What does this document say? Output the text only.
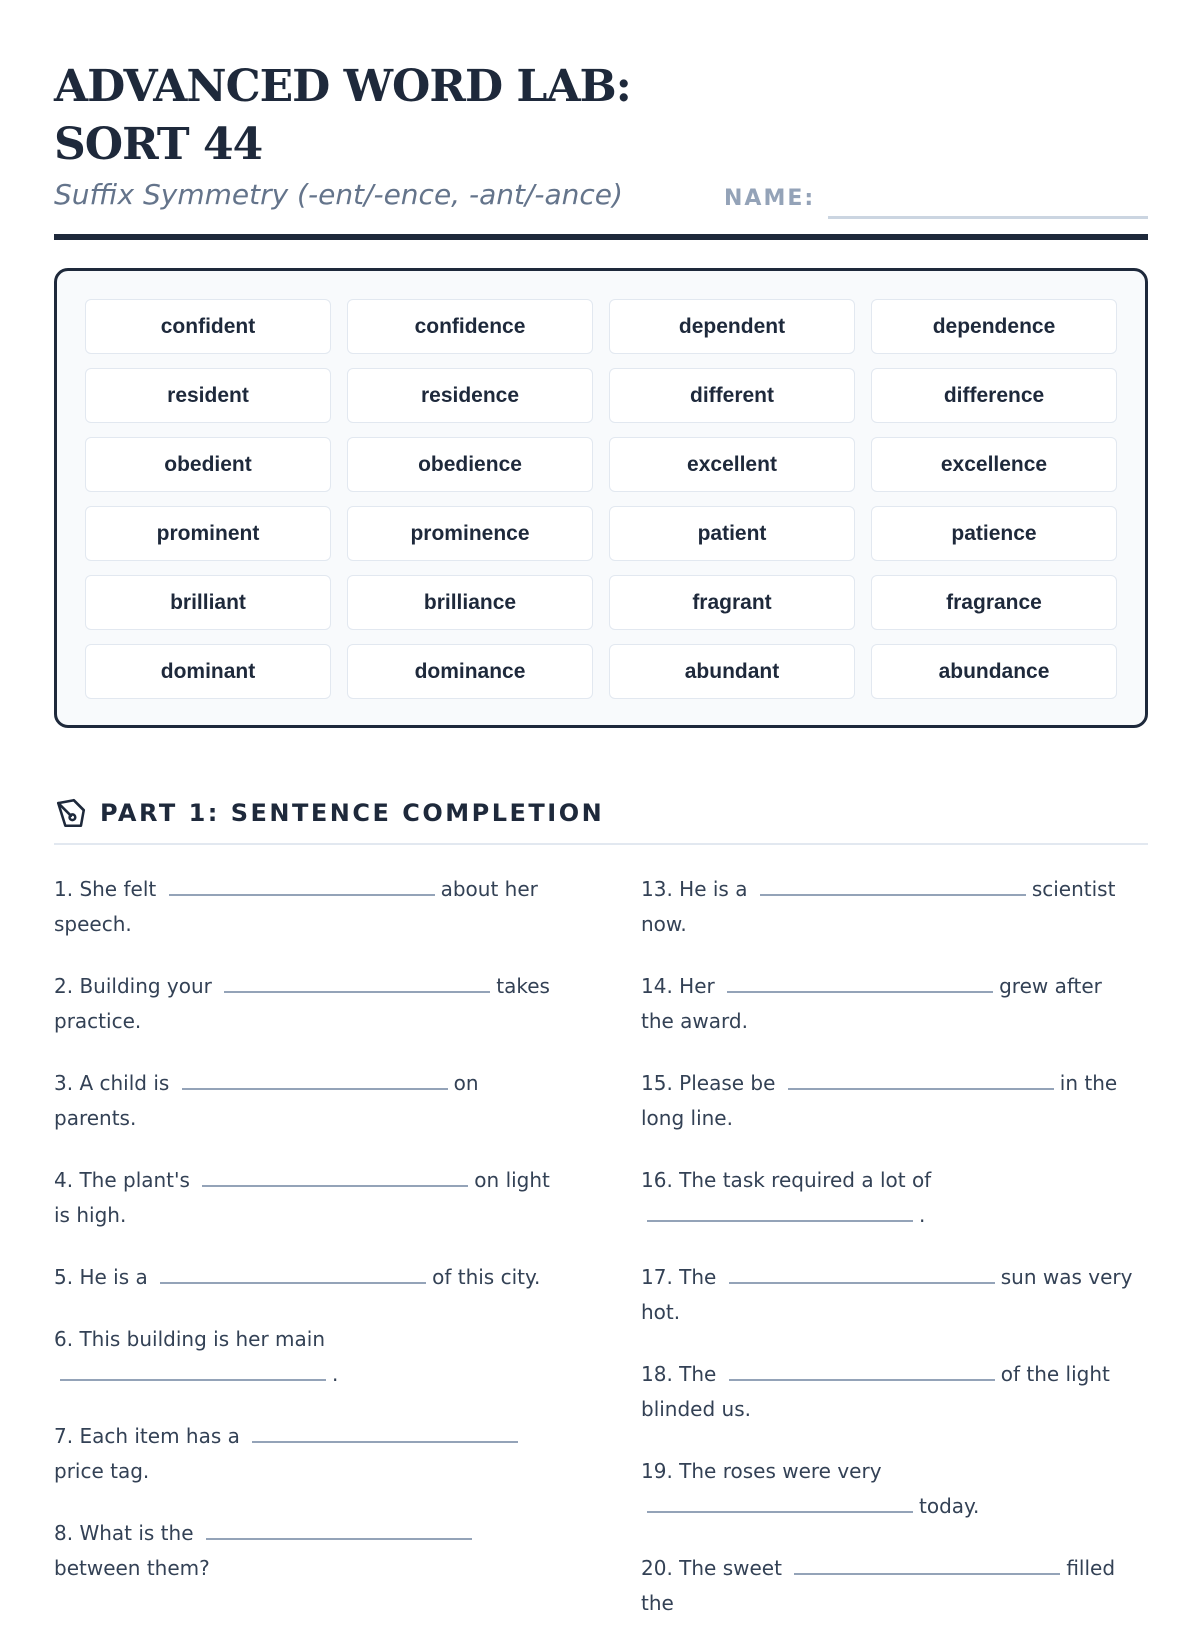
ADVANCED WORD LAB:
SORT 44
Suffix Symmetry (-ent/-ence, -ant/-ance)	NAME:
confident	confidence	dependent	dependence
resident	residence	different	difference
obedient	obedience	excellent	excellence
prominent	prominence	patient	patience
brilliant	brilliance	fragrant	fragrance
dominant	dominance	abundant	abundance
PART 1: SENTENCE COMPLETION
1. She felt	about her speech.
2. Building your	takes practice.
3. A child is	on parents.
4. The plant's	on light is high.
5. He is a	of this city.
6. This building is her main .
7. Each item has a price tag.
8. What is the between them?
13. He is a	scientist now.
14. Her	grew after the award.
15. Please be	in the long line.
16. The task required a lot of .
17. The	sun was very hot.
18. The	of the light blinded us.
19. The roses were very today.
20. The sweet	filled the
